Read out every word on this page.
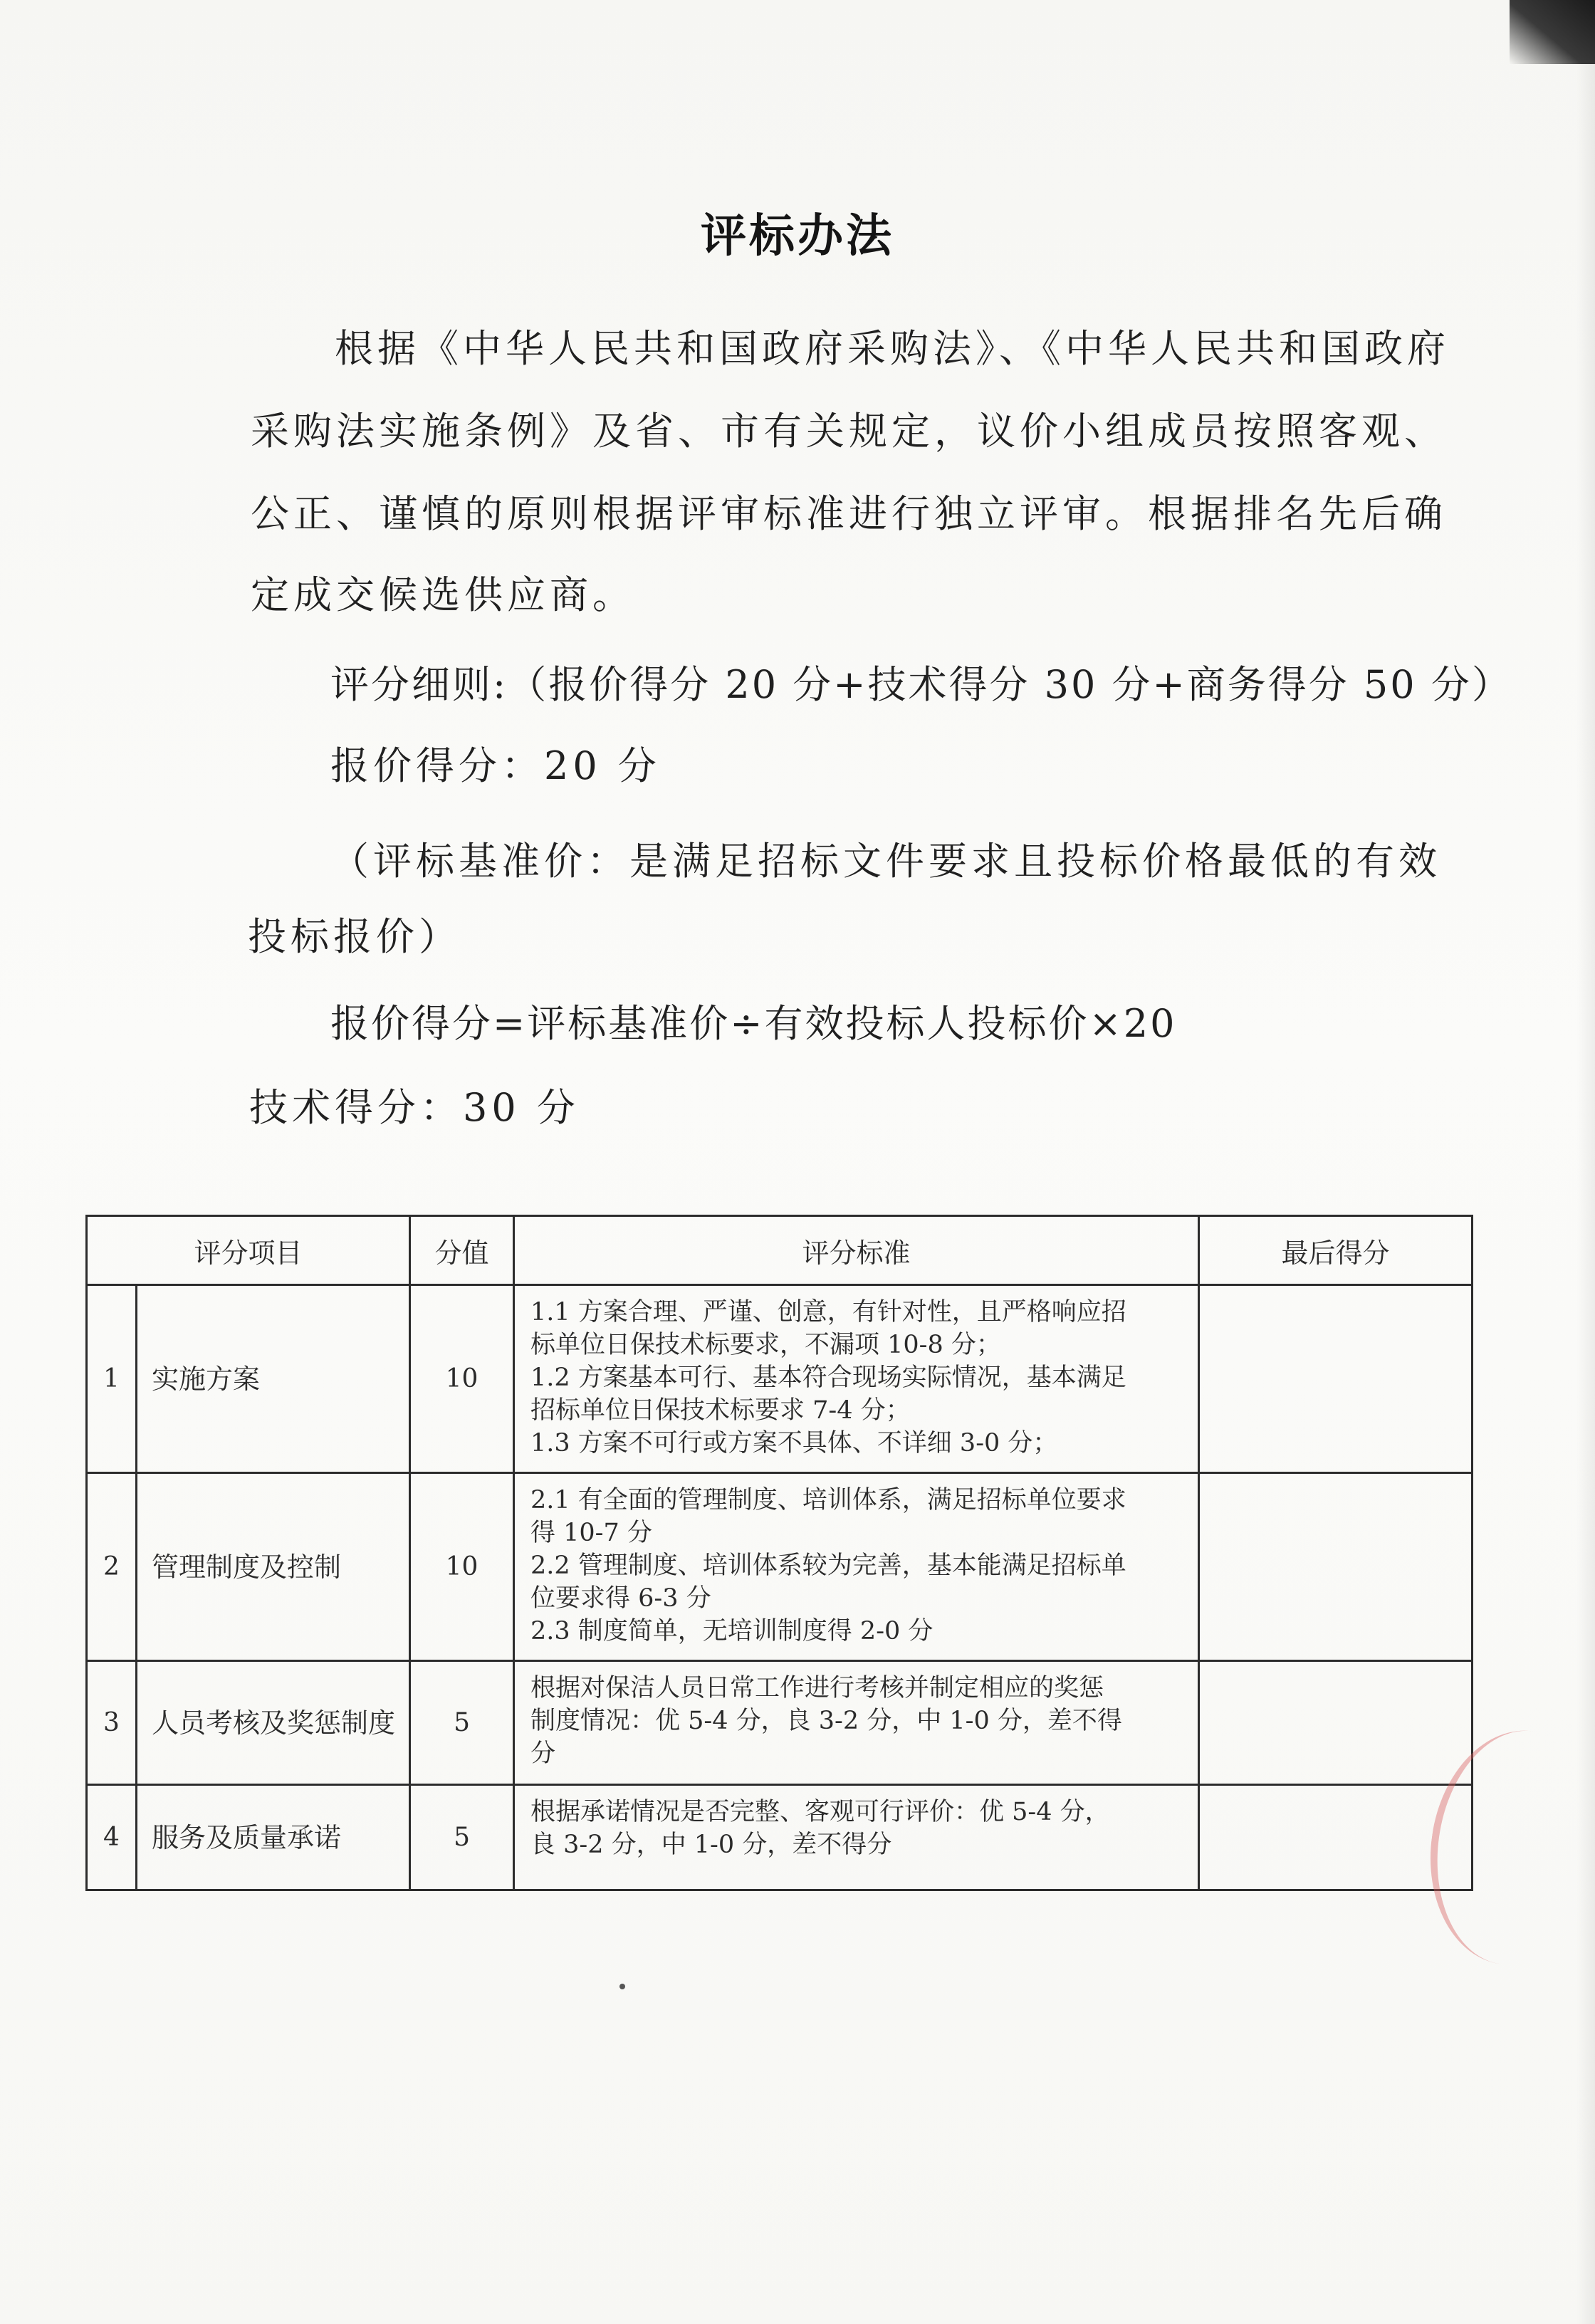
评标办法
根据《中华人民共和国政府采购法》、《中华人民共和国政府
采购法实施条例》及省、市有关规定，议价小组成员按照客观、
公正、谨慎的原则根据评审标准进行独立评审。根据排名先后确
定成交候选供应商。
评分细则:（报价得分 20 分+技术得分 30 分+商务得分 50 分）
报价得分：20 分
（评标基准价：是满足招标文件要求且投标价格最低的有效
投标报价）
报价得分=评标基准价÷有效投标人投标价×20
技术得分：30 分
评分项目		分值	评分标准	最后得分
1	实施方案	10	1.1 方案合理、严谨、创意，有针对性，且严格响应招
标单位日保技术标要求，不漏项 10-8 分；
1.2 方案基本可行、基本符合现场实际情况，基本满足
招标单位日保技术标要求 7-4 分；
1.3 方案不可行或方案不具体、不详细 3-0 分；	

2	管理制度及控制	10	2.1 有全面的管理制度、培训体系，满足招标单位要求
得 10-7 分
2.2 管理制度、培训体系较为完善，基本能满足招标单
位要求得 6-3 分
2.3 制度简单，无培训制度得 2-0 分	

3	人员考核及奖惩制度	5	根据对保洁人员日常工作进行考核并制定相应的奖惩
制度情况：优 5-4 分，良 3-2 分，中 1-0 分，差不得
分	

4	服务及质量承诺	5	根据承诺情况是否完整、客观可行评价：优 5-4 分，
良 3-2 分，中 1-0 分，差不得分	
